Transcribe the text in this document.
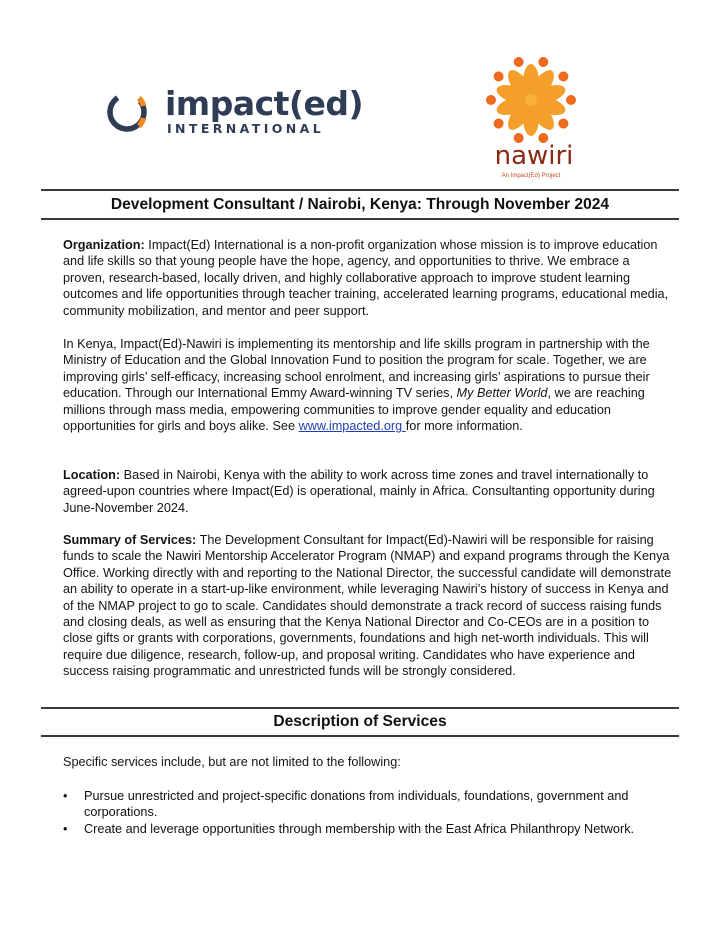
impact(ed)
INTERNATIONAL
nawiri
An Impact(Ed) Project
Development Consultant / Nairobi, Kenya: Through November 2024
Organization: Impact(Ed) International is a non-profit organization whose mission is to improve education and life skills so that young people have the hope, agency, and opportunities to thrive. We embrace a proven, research-based, locally driven, and highly collaborative approach to improve student learning outcomes and life opportunities through teacher training, accelerated learning programs, educational media, community mobilization, and mentor and peer support.
In Kenya, Impact(Ed)-Nawiri is implementing its mentorship and life skills program in partnership with the Ministry of Education and the Global Innovation Fund to position the program for scale. Together, we are improving girls’ self-efficacy, increasing school enrolment, and increasing girls’ aspirations to pursue their education. Through our International Emmy Award-winning TV series, My Better World, we are reaching millions through mass media, empowering communities to improve gender equality and education opportunities for girls and boys alike. See www.impacted.org for more information.
Location: Based in Nairobi, Kenya with the ability to work across time zones and travel internationally to agreed-upon countries where Impact(Ed) is operational, mainly in Africa. Consultanting opportunity during June-November 2024.
Summary of Services: The Development Consultant for Impact(Ed)-Nawiri will be responsible for raising funds to scale the Nawiri Mentorship Accelerator Program (NMAP) and expand programs through the Kenya Office. Working directly with and reporting to the National Director, the successful candidate will demonstrate an ability to operate in a start-up-like environment, while leveraging Nawiri’s history of success in Kenya and of the NMAP project to go to scale. Candidates should demonstrate a track record of success raising funds and closing deals, as well as ensuring that the Kenya National Director and Co-CEOs are in a position to close gifts or grants with corporations, governments, foundations and high net-worth individuals. This will require due diligence, research, follow-up, and proposal writing. Candidates who have experience and success raising programmatic and unrestricted funds will be strongly considered.
Description of Services
Specific services include, but are not limited to the following:

• Pursue unrestricted and project-specific donations from individuals, foundations, government and corporations.

• Create and leverage opportunities through membership with the East Africa Philanthropy Network.
